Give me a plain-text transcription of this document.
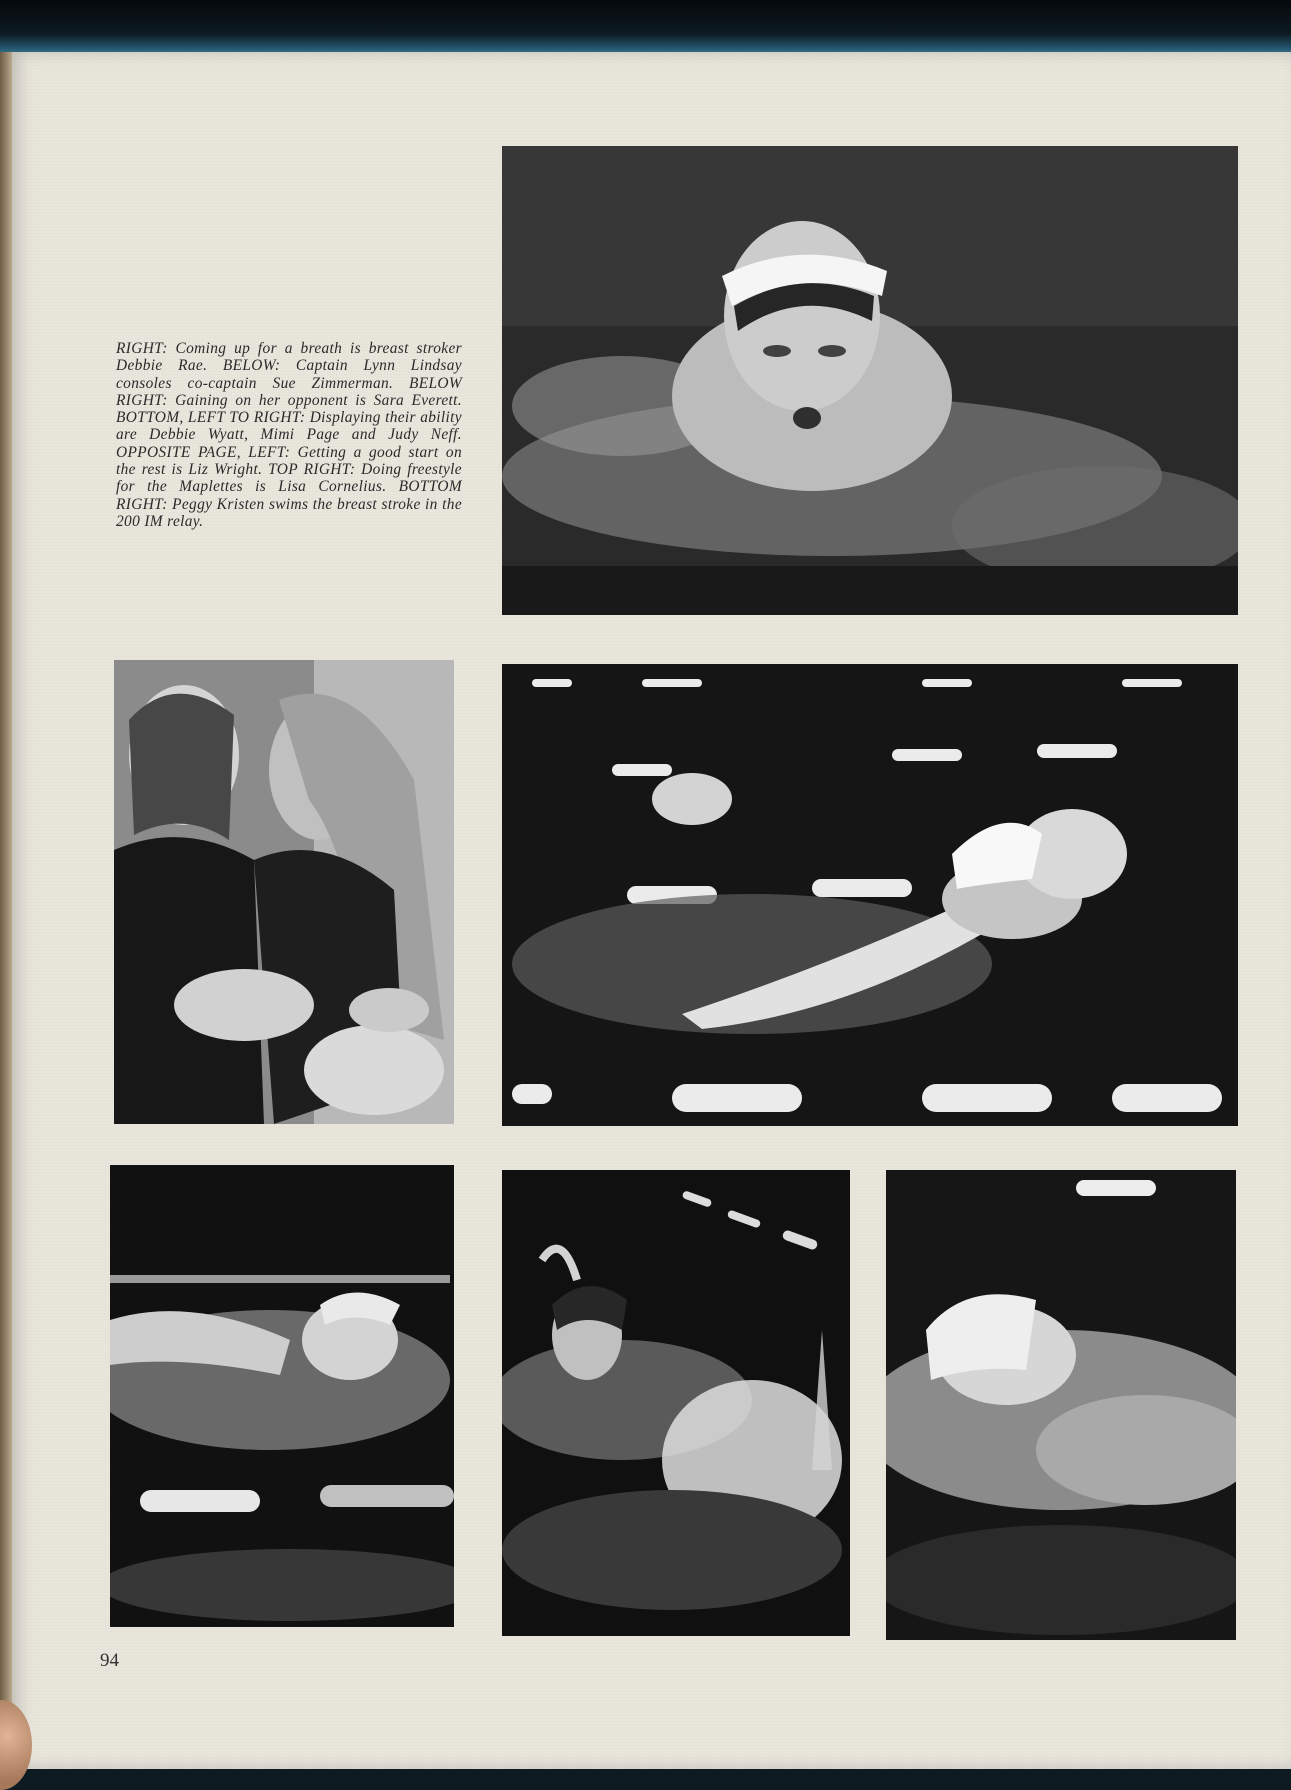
RIGHT: Coming up for a breath is breast stroker Debbie Rae. BELOW: Captain Lynn Lindsay consoles co-captain Sue Zimmerman. BELOW RIGHT: Gaining on her opponent is Sara Everett. BOTTOM, LEFT TO RIGHT: Displaying their ability are Debbie Wyatt, Mimi Page and Judy Neff. OPPOSITE PAGE, LEFT: Getting a good start on the rest is Liz Wright. TOP RIGHT: Doing freestyle for the Maplettes is Lisa Cornelius. BOTTOM RIGHT: Peggy Kristen swims the breast stroke in the 200 IM relay.

94
